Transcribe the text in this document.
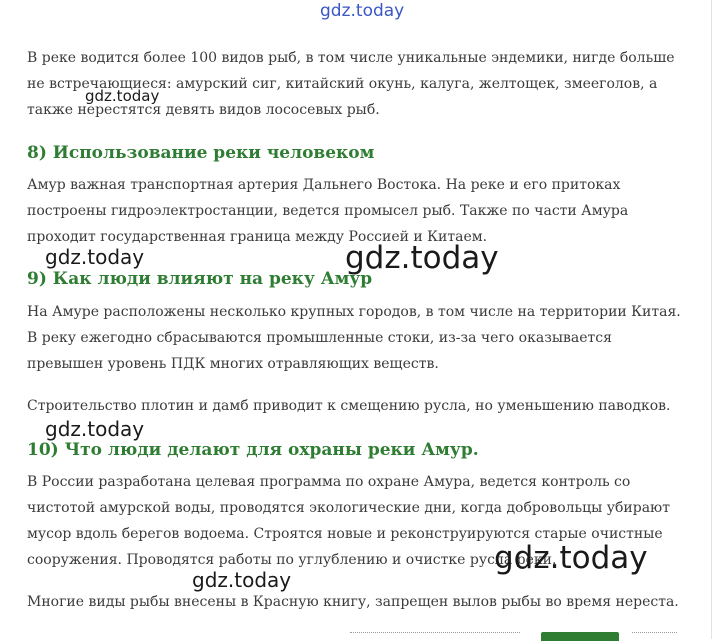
gdz.today
В реке водится более 100 видов рыб, в том числе уникальные эндемики, нигде больше не встречающиеся: амурский сиг, китайский окунь, калуга, желтощек, змееголов, а также нерестятся девять видов лососевых рыб.
8) Использование реки человеком
Амур важная транспортная артерия Дальнего Востока. На реке и его притоках построены гидроэлектростанции, ведется промысел рыб. Также по части Амура проходит государственная граница между Россией и Китаем.
9) Как люди влияют на реку Амур
На Амуре расположены несколько крупных городов, в том числе на территории Китая. В реку ежегодно сбрасываются промышленные стоки, из-за чего оказывается превышен уровень ПДК многих отравляющих веществ.
Строительство плотин и дамб приводит к смещению русла, но уменьшению паводков.
10) Что люди делают для охраны реки Амур.
В России разработана целевая программа по охране Амура, ведется контроль со чистотой амурской воды, проводятся экологические дни, когда добровольцы убирают мусор вдоль берегов водоема. Строятся новые и реконструируются старые очистные сооружения. Проводятся работы по углублению и очистке русла реки.
Многие виды рыбы внесены в Красную книгу, запрещен вылов рыбы во время нереста.
gdz.today
gdz.today	gdz.today
gdz.today
gdz.today
gdz.today
